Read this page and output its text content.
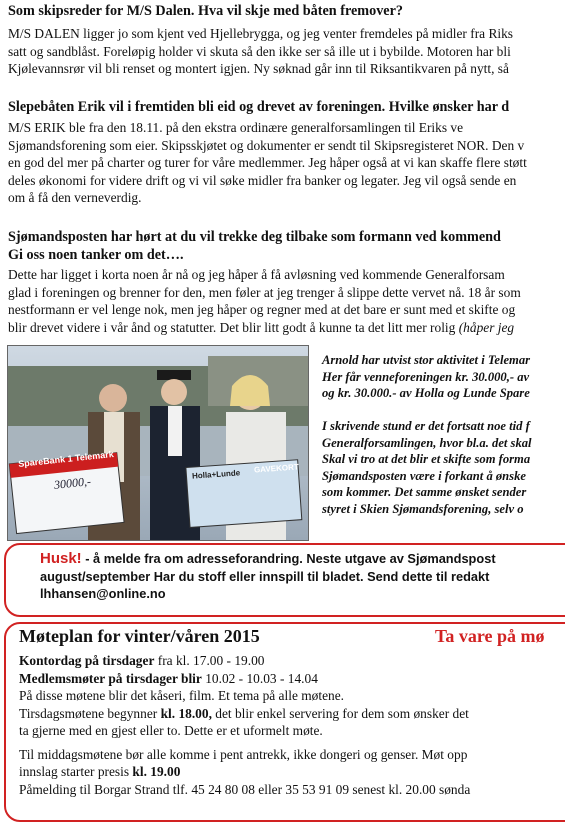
Som skipsreder for M/S Dalen. Hva vil skje med båten fremover?
M/S DALEN ligger jo som kjent ved Hjellebrygga, og jeg venter fremdeles på midler fra Riks
satt og sandblåst. Foreløpig holder vi skuta så den ikke ser så ille ut i bybilde. Motoren har bli
Kjølevannsrør vil bli renset og montert igjen. Ny søknad går inn til Riksantikvaren på nytt, så
Slepebåten Erik vil i fremtiden bli eid og drevet av foreningen. Hvilke ønsker har d
M/S ERIK ble fra den 18.11. på den ekstra ordinære generalforsamlingen til Eriks ve
Sjømandsforening som eier. Skipsskjøtet og dokumenter er sendt til Skipsregisteret NOR. Den v
en god del mer på charter og turer for våre medlemmer. Jeg håper også at vi kan skaffe flere støtt
deles økonomi for videre drift og vi vil søke midler fra banker og legater. Jeg vil også sende en
om å få den verneverdig.
Sjømandsposten har hørt at du vil trekke deg tilbake som formann ved kommend
Gi oss noen tanker om det….
Dette har ligget i korta noen år nå og jeg håper å få avløsning ved kommende Generalforsam
glad i foreningen og brenner for den, men føler at jeg trenger å slippe dette vervet nå. 18 år som
nestformann er vel lenge nok, men jeg håper og regner med at det bare er sunt med et skifte og
blir drevet videre i vår ånd og statutter. Det blir litt godt å kunne ta det litt mer rolig (håper jeg
SpareBank 1 Telemark
30000,-	Holla+Lunde GAVEKORT
Arnold har utvist stor aktivitet i Telemar
Her får venneforeningen kr. 30.000,- av
og kr. 30.000.- av Holla og Lunde Spare
I skrivende stund er det fortsatt noe tid f
Generalforsamlingen, hvor bl.a. det skal
Skal vi tro at det blir et skifte som forma
Sjømandsposten være i forkant å ønske
som kommer. Det samme ønsket sender
styret i Skien Sjømandsforening, selv o
Husk! - å melde fra om adresseforandring. Neste utgave av Sjømandspost
august/september Har du stoff eller innspill til bladet. Send dette til redakt
lhhansen@online.no
Møteplan for vinter/våren 2015	Ta vare på mø
Kontordag på tirsdager fra kl. 17.00 - 19.00
Medlemsmøter på tirsdager blir 10.02 - 10.03 - 14.04
På disse møtene blir det kåseri, film. Et tema på alle møtene.
Tirsdagsmøtene begynner kl. 18.00, det blir enkel servering for dem som ønsker det
ta gjerne med en gjest eller to. Dette er et uformelt møte.
Til middagsmøtene bør alle komme i pent antrekk, ikke dongeri og genser. Møt opp
innslag starter presis kl. 19.00
Påmelding til Borgar Strand tlf. 45 24 80 08 eller 35 53 91 09 senest kl. 20.00 sønda
